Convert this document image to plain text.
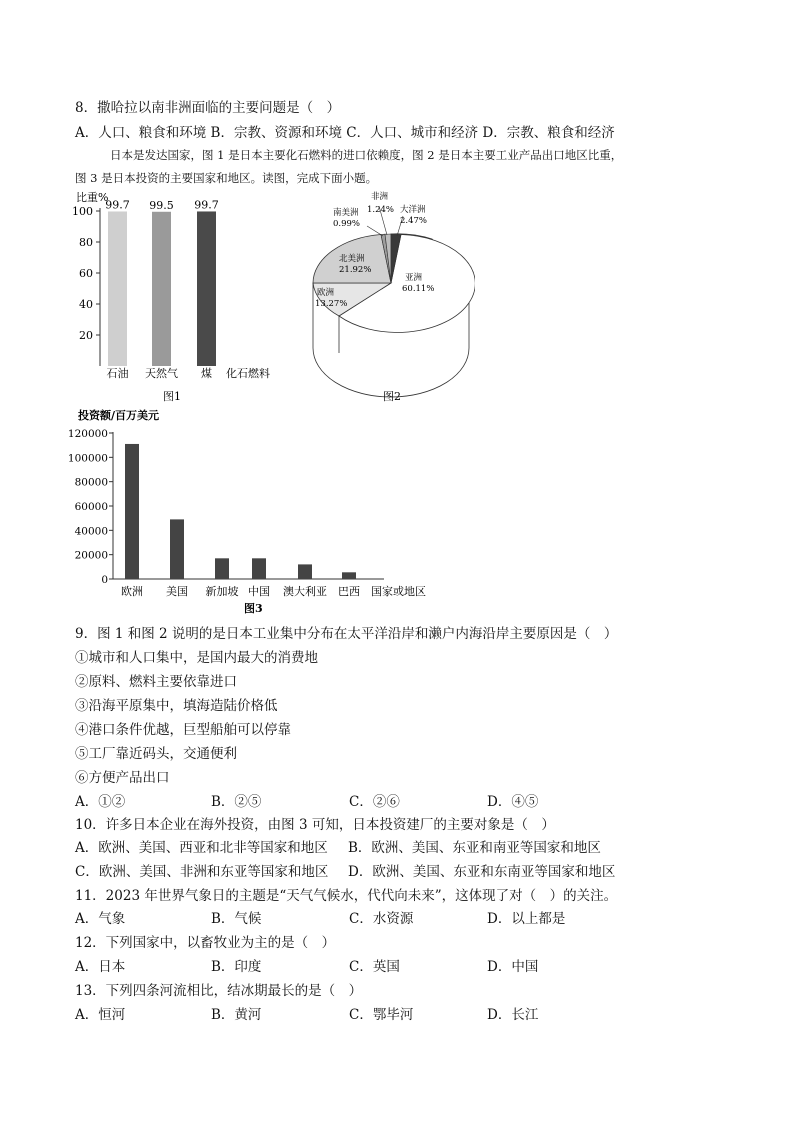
8．撒哈拉以南非洲面临的主要问题是（　）
A．人口、粮食和环境 B．宗教、资源和环境 C．人口、城市和经济 D．宗教、粮食和经济
日本是发达国家，图 1 是日本主要化石燃料的进口依赖度，图 2 是日本主要工业产品出口地区比重，
图 3 是日本投资的主要国家和地区。读图，完成下面小题。
比重%
100
80
60
40
20
99.7
石油
99.5
天然气
99.7
煤 化石燃料
图1
南美洲
0.99%
非洲
1.24% 大洋洲
2.47%
北美洲
21.92%
欧洲
13.27%
亚洲
60.11%
图2
投资额/百万美元
120000
100000
80000
60000
40000
20000
0
欧洲 美国 新加坡 中国 澳大利亚 巴西 国家或地区
图3
9．图 1 和图 2 说明的是日本工业集中分布在太平洋沿岸和濑户内海沿岸主要原因是（　）
①城市和人口集中，是国内最大的消费地
②原料、燃料主要依靠进口
③沿海平原集中，填海造陆价格低
④港口条件优越，巨型船舶可以停靠
⑤工厂靠近码头，交通便利
⑥方便产品出口
A．①②	B．②⑤	C．②⑥	D．④⑤
10．许多日本企业在海外投资，由图 3 可知，日本投资建厂的主要对象是（　）
A．欧洲、美国、西亚和北非等国家和地区 B．欧洲、美国、东亚和南亚等国家和地区
C．欧洲、美国、非洲和东亚等国家和地区 D．欧洲、美国、东亚和东南亚等国家和地区
11．2023 年世界气象日的主题是“天气气候水，代代向未来”，这体现了对（　）的关注。
A．气象	B．气候	C．水资源	D．以上都是
12．下列国家中，以畜牧业为主的是（　）
A．日本	B．印度	C．英国	D．中国
13．下列四条河流相比，结冰期最长的是（　）
A．恒河	B．黄河	C．鄂毕河	D．长江
